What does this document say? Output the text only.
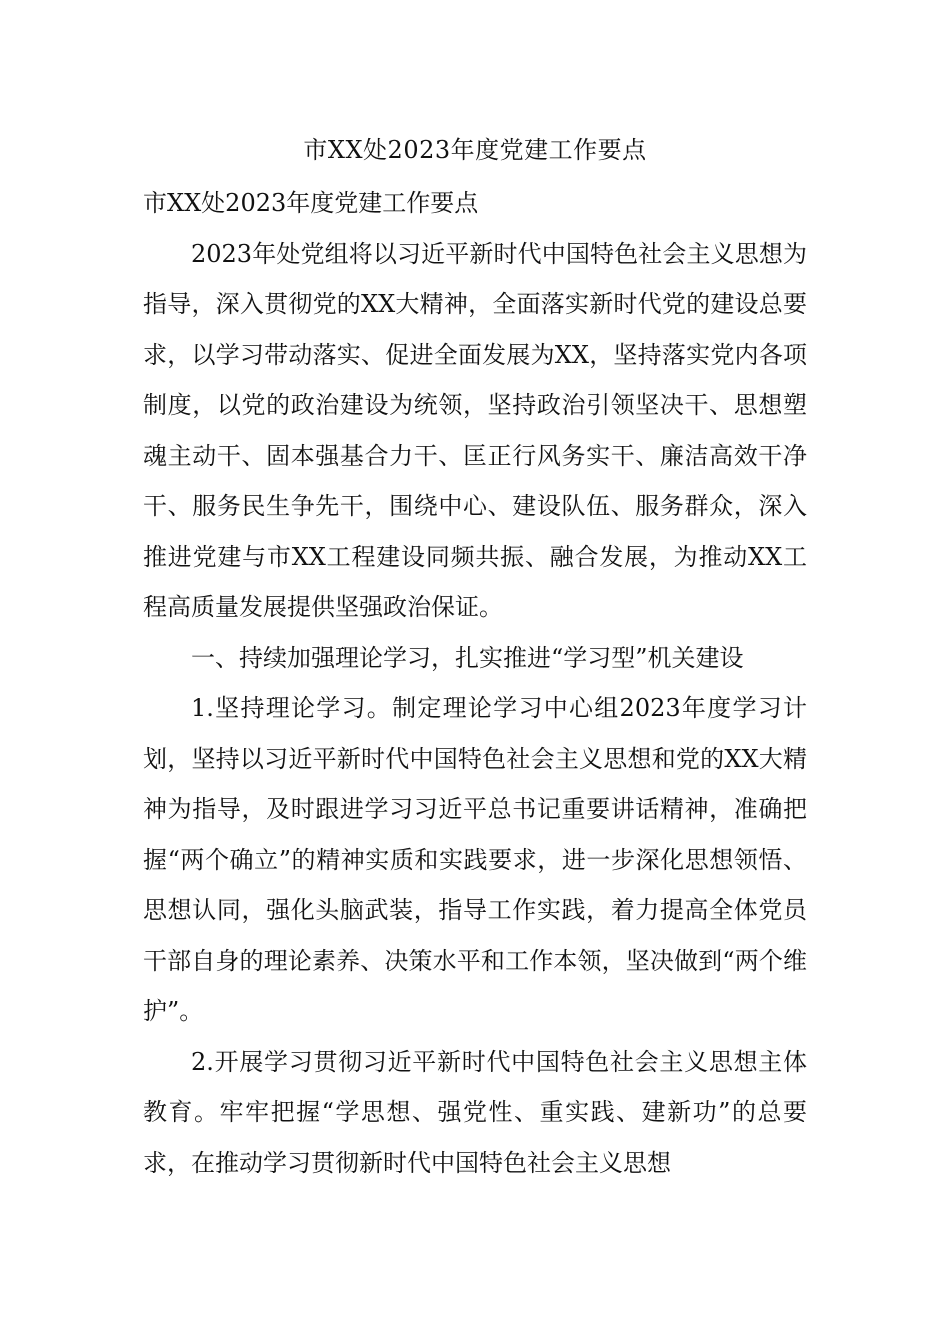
市XX处2023年度党建工作要点

市XX处2023年度党建工作要点

2023年处党组将以习近平新时代中国特色社会主义思想为指导，深入贯彻党的XX大精神，全面落实新时代党的建设总要求，以学习带动落实、促进全面发展为XX，坚持落实党内各项制度，以党的政治建设为统领，坚持政治引领坚决干、思想塑魂主动干、固本强基合力干、匡正行风务实干、廉洁高效干净干、服务民生争先干，围绕中心、建设队伍、服务群众，深入推进党建与市XX工程建设同频共振、融合发展，为推动XX工程高质量发展提供坚强政治保证。

一、持续加强理论学习，扎实推进“学习型”机关建设

1.坚持理论学习。制定理论学习中心组2023年度学习计划，坚持以习近平新时代中国特色社会主义思想和党的XX大精神为指导，及时跟进学习习近平总书记重要讲话精神，准确把握“两个确立”的精神实质和实践要求，进一步深化思想领悟、思想认同，强化头脑武装，指导工作实践，着力提高全体党员干部自身的理论素养、决策水平和工作本领，坚决做到“两个维护”。

2.开展学习贯彻习近平新时代中国特色社会主义思想主体教育。牢牢把握“学思想、强党性、重实践、建新功”的总要求，在推动学习贯彻新时代中国特色社会主义思想
